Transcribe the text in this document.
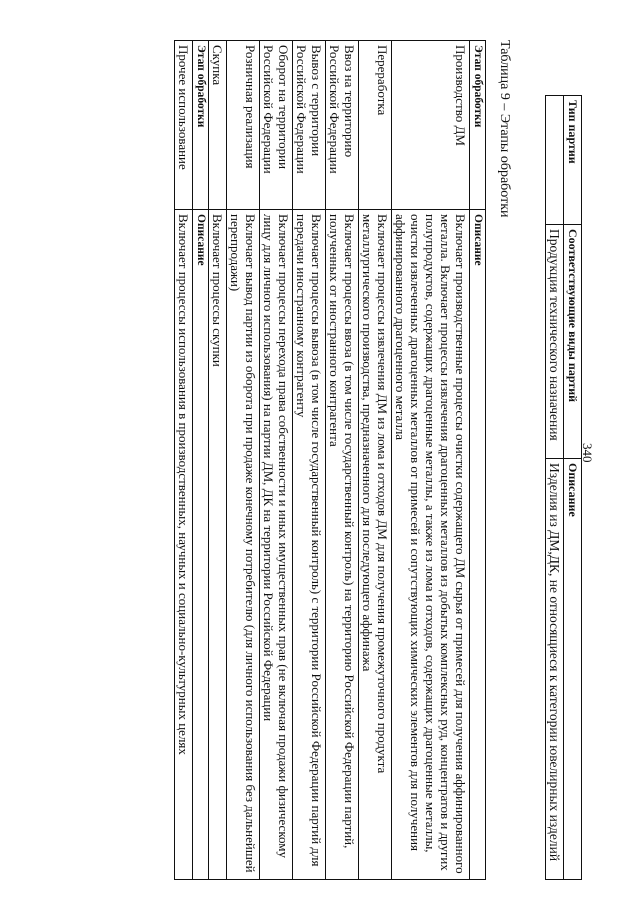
340
Тип партии	Соответствующие виды партий	Описание
	Продукция технического назначения	Изделия из ДМ,ДК, не относящиеся к категории ювелирных изделий
Таблица 9 – Этапы обработки
Этап обработки	Описание
Производство ДМ	Включает производственные процессы очистки содержащего ДМ сырья от примесей для получения аффинированного металла. Включает процессы извлечения драгоценных металлов из добытых комплексных руд, концентратов и других полупродуктов, содержащих драгоценные металлы, а также из лома и отходов, содержащих драгоценные металлы, очистки извлеченных драгоценных металлов от примесей и сопутствующих химических элементов для получения аффинированного драгоценного металла
Переработка	Включает процессы извлечения ДМ из лома и отходов ДМ для получения промежуточного продукта металлургического производства, предназначенного для последующего аффинажа
Ввоз на территорию Российской Федерации	Включает процессы ввоза (в том числе государственный контроль) на территорию Российской Федерации партий, полученных от иностранного контрагента
Вывоз с территории Российской Федерации	Включает процессы вывоза (в том числе государственный контроль) с территории Российской Федерации партий для передачи иностранному контрагенту
Оборот на территории Российской Федерации	Включает процессы перехода права собственности и иных имущественных прав (не включая продажи физическому лицу для личного использования) на партии ДМ, ДК на территории Российской Федерации
Розничная реализация	Включает вывод партии из оборота при продаже конечному потребителю (для личного использования без дальнейшей перепродажи)
Скупка	Включает процессы скупки
Этап обработки	Описание
Прочее использование	Включает процессы использования в производственных, научных и социально-культурных целях
